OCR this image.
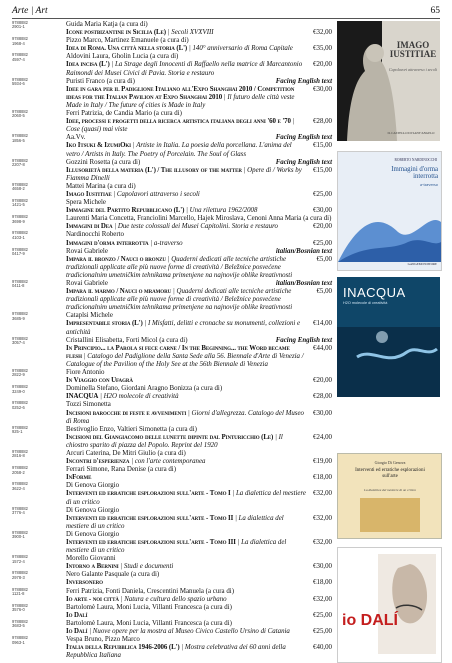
Arte | Art	65
9788882
2901-1	Guida Maria Katja (a cura di)
Icone postbizantine in Sicilia (Le) | Secoli XVXVIII	€32,00
9788882
1968-4	Pizzo Marco, Martinez Emanuele (a cura di)
Idea di Roma. Una città nella storia (L') | 140° anniversario di Roma Capitale	€35,00
9788882
4597-4	Aldovini Laura, Gholin Lucia (a cura di)
Idea incisa (L') | La Strage degli Innocenti di Raffaello nella matrice di Marcantonio Raimondi dei Musei Civici di Pavia. Storia e restauro
€20,00
9788882
5934-6	Puristi Franco (a cura di)	Facing English text
Idee in gara per il Padiglione Italiano all'Expo Shanghai 2010 / Competition ideas for the Italian Pavilion at Expo Shanghai 2010 | Il futuro delle città veste Made in Italy / The future of cities is Made in Italy
€30,00
9788882
2060-5	Ferri Patrizia, de Candia Mario (a cura di)
Idee, processi e progetti della ricerca artistica italiana degli anni '60 e '70 | Cose (quasi) mai viste
€28,00
9788882
1856-5	Aa.Vv.	Facing English text
Iko Itsuki & IzumiOki | Artiste in Italia. La poesia della porcellana. L'anima del vetro / Artists in Italy. The Poetry of Porcelain. The Soul of Glass
€15,00
9788882
2207-8	Gozzini Rosetta (a cura di)	Facing English text
Illusorietà della materia (L') / The illusory of the matter | Opere di / Works by Fiamma Dinelli
€15,00
9788882
4658-2	Mattei Marina (a cura di)
Imago Iustitiae | Capolavori attraverso i secoli	€25,00
9788882
1421-5	Spera Michele
Immagine del Partito Repubblicano (L') | Una rilettura 1962/2008	€30,00
9788882
3698-9	Laurenti Maria Concetta, Franciolini Marcello, Hajek Miroslava, Cenoni Anna Maria (a cura di)
Immagini di Dea | Due teste colossali dei Musei Capitolini. Storia e restauro	€20,00
9788882
4103-1	Nardinocchi Roberto
Immagini d'orma interrotta | a-traverso	€25,00
9788882
0417-9	Rovai Gabriele	italian/Bosnian text
Impara il bronzo / Nauci o bronzu | Quaderni dedicati alle tecniche artistiche tradizionali applicate alle più nuove forme di creatività / Beležnice posvećene tradicionalnim umetničkim tehnikama primenjene na najnovije oblike kreativnosti
€5,00
9788882
0411-8	Rovai Gabriele	italian/Bosnian text
Impara il marmo / Nauci o mramoru | Quaderni dedicati alle tecniche artistiche tradizionali applicate alle più nuove forme di creatività / Beležnice posvećene tradicionalnim umetničkim tehnikama primenjene na najnovije oblike kreativnosti
€5,00
9788882
3685-9	Cataplsi Michele
Impresentabile storia (L') | I Misfatti, delitti e cronache su monumenti, collezioni e antichità
€14,00
9788882
3057-4	Cristallini Elisabetta, Forti Micol (a cura di)	Facing English text
In Principio... la Parola si fece carne / In the Beginning... the Word became flesh | Catalogo del Padiglione della Santa Sede alla 56. Biennale d'Arte di Venezia / Catalogue of the Pavilion of the Holy See at the 56th Biennale di Venezia
€44,00
9788882
2822-9	Fiore Antonio
In Viaggio con Ufagrà	€20,00
9788882
3249-0	Dominella Stefano, Giordani Aragno Bonizza (a cura di)
INACQUA | H2O molecole di creatività	€28,00
9788882
0252-6	Tozzi Simonetta
Incisioni barocche di feste e avvenimenti | Giorni d'allegrezza. Catalogo del Museo di Roma
€30,00
9788882
925-1	Bestivoglio Enzo, Valtieri Simonetta (a cura di)
Incisioni del Giangiacomo delle lunette dipinte dal Pinturicchio (Le) | Il chiostro sparito di piazza del Popolo. Reprint del 1920
€24,00
9788882
2816-8	Arcuri Caterina, De Mitri Giulio (a cura di)
Incontri d'esperienza | con l'arte contemporanea	€19,00
9788882
2058-2	Ferrari Simone, Rana Denise (a cura di)
InForme	€18,00
9788882
3622-4	Di Genova Giorgio
Interventi ed erratiche esplorazioni sull'arte - Tomo I | La dialettica del mestiere di un critico
€32,00
9788882
3776-4	Di Genova Giorgio
Interventi ed erratiche esplorazioni sull'arte - Tomo II | La dialettica del mestiere di un critico
€32,00
9788882
3900-1	Di Genova Giorgio
Interventi ed erratiche esplorazioni sull'arte - Tomo III | La dialettica del mestiere di un critico
€32,00
9788882
1572-4	Morello Giovanni
Intorno a Bernini | Studi e documenti	€30,00
9788882
2978-3	Nero Galante Pasquale (a cura di)
Inversonero	€18,00
9788882
1121-8	Ferri Patrizia, Fonti Daniela, Crescentini Manuela (a cura di)
Io arte - noi città | Natura e cultura dello spazio urbano	€32,00
9788882
3576-0	Bartolomè Laura, Moni Lucia, Villanti Francesca (a cura di)
Io Dalí	€25,00
9788882
3683-5	Bartolomè Laura, Moni Lucia, Villanti Francesca (a cura di)
Io Dalí | Nuove opere per la mostra al Museo Civico Castello Ursino di Catania	€25,00
9788882
0963-1	Vespa Bruno, Pizzo Marco
Italia della Repubblica 1946-2006 (L') | Mostra celebrativa dei 60 anni della Repubblica Italiana
€40,00
IMAGO IUSTITIAE
Capolavori attraverso i secoli
IL CASTELLO DI SANT'ANGELO
ROBERTO NARDINOCCHI
Immagini d'orma interrotta
a-traverso
GANGEMI EDITORE
INACQUA
H2O molecole di creatività
Giorgio Di Genova
Interventi ed erratiche esplorazioni sull'arte
La dialettica del mestiere di un critico
io DALÍ
